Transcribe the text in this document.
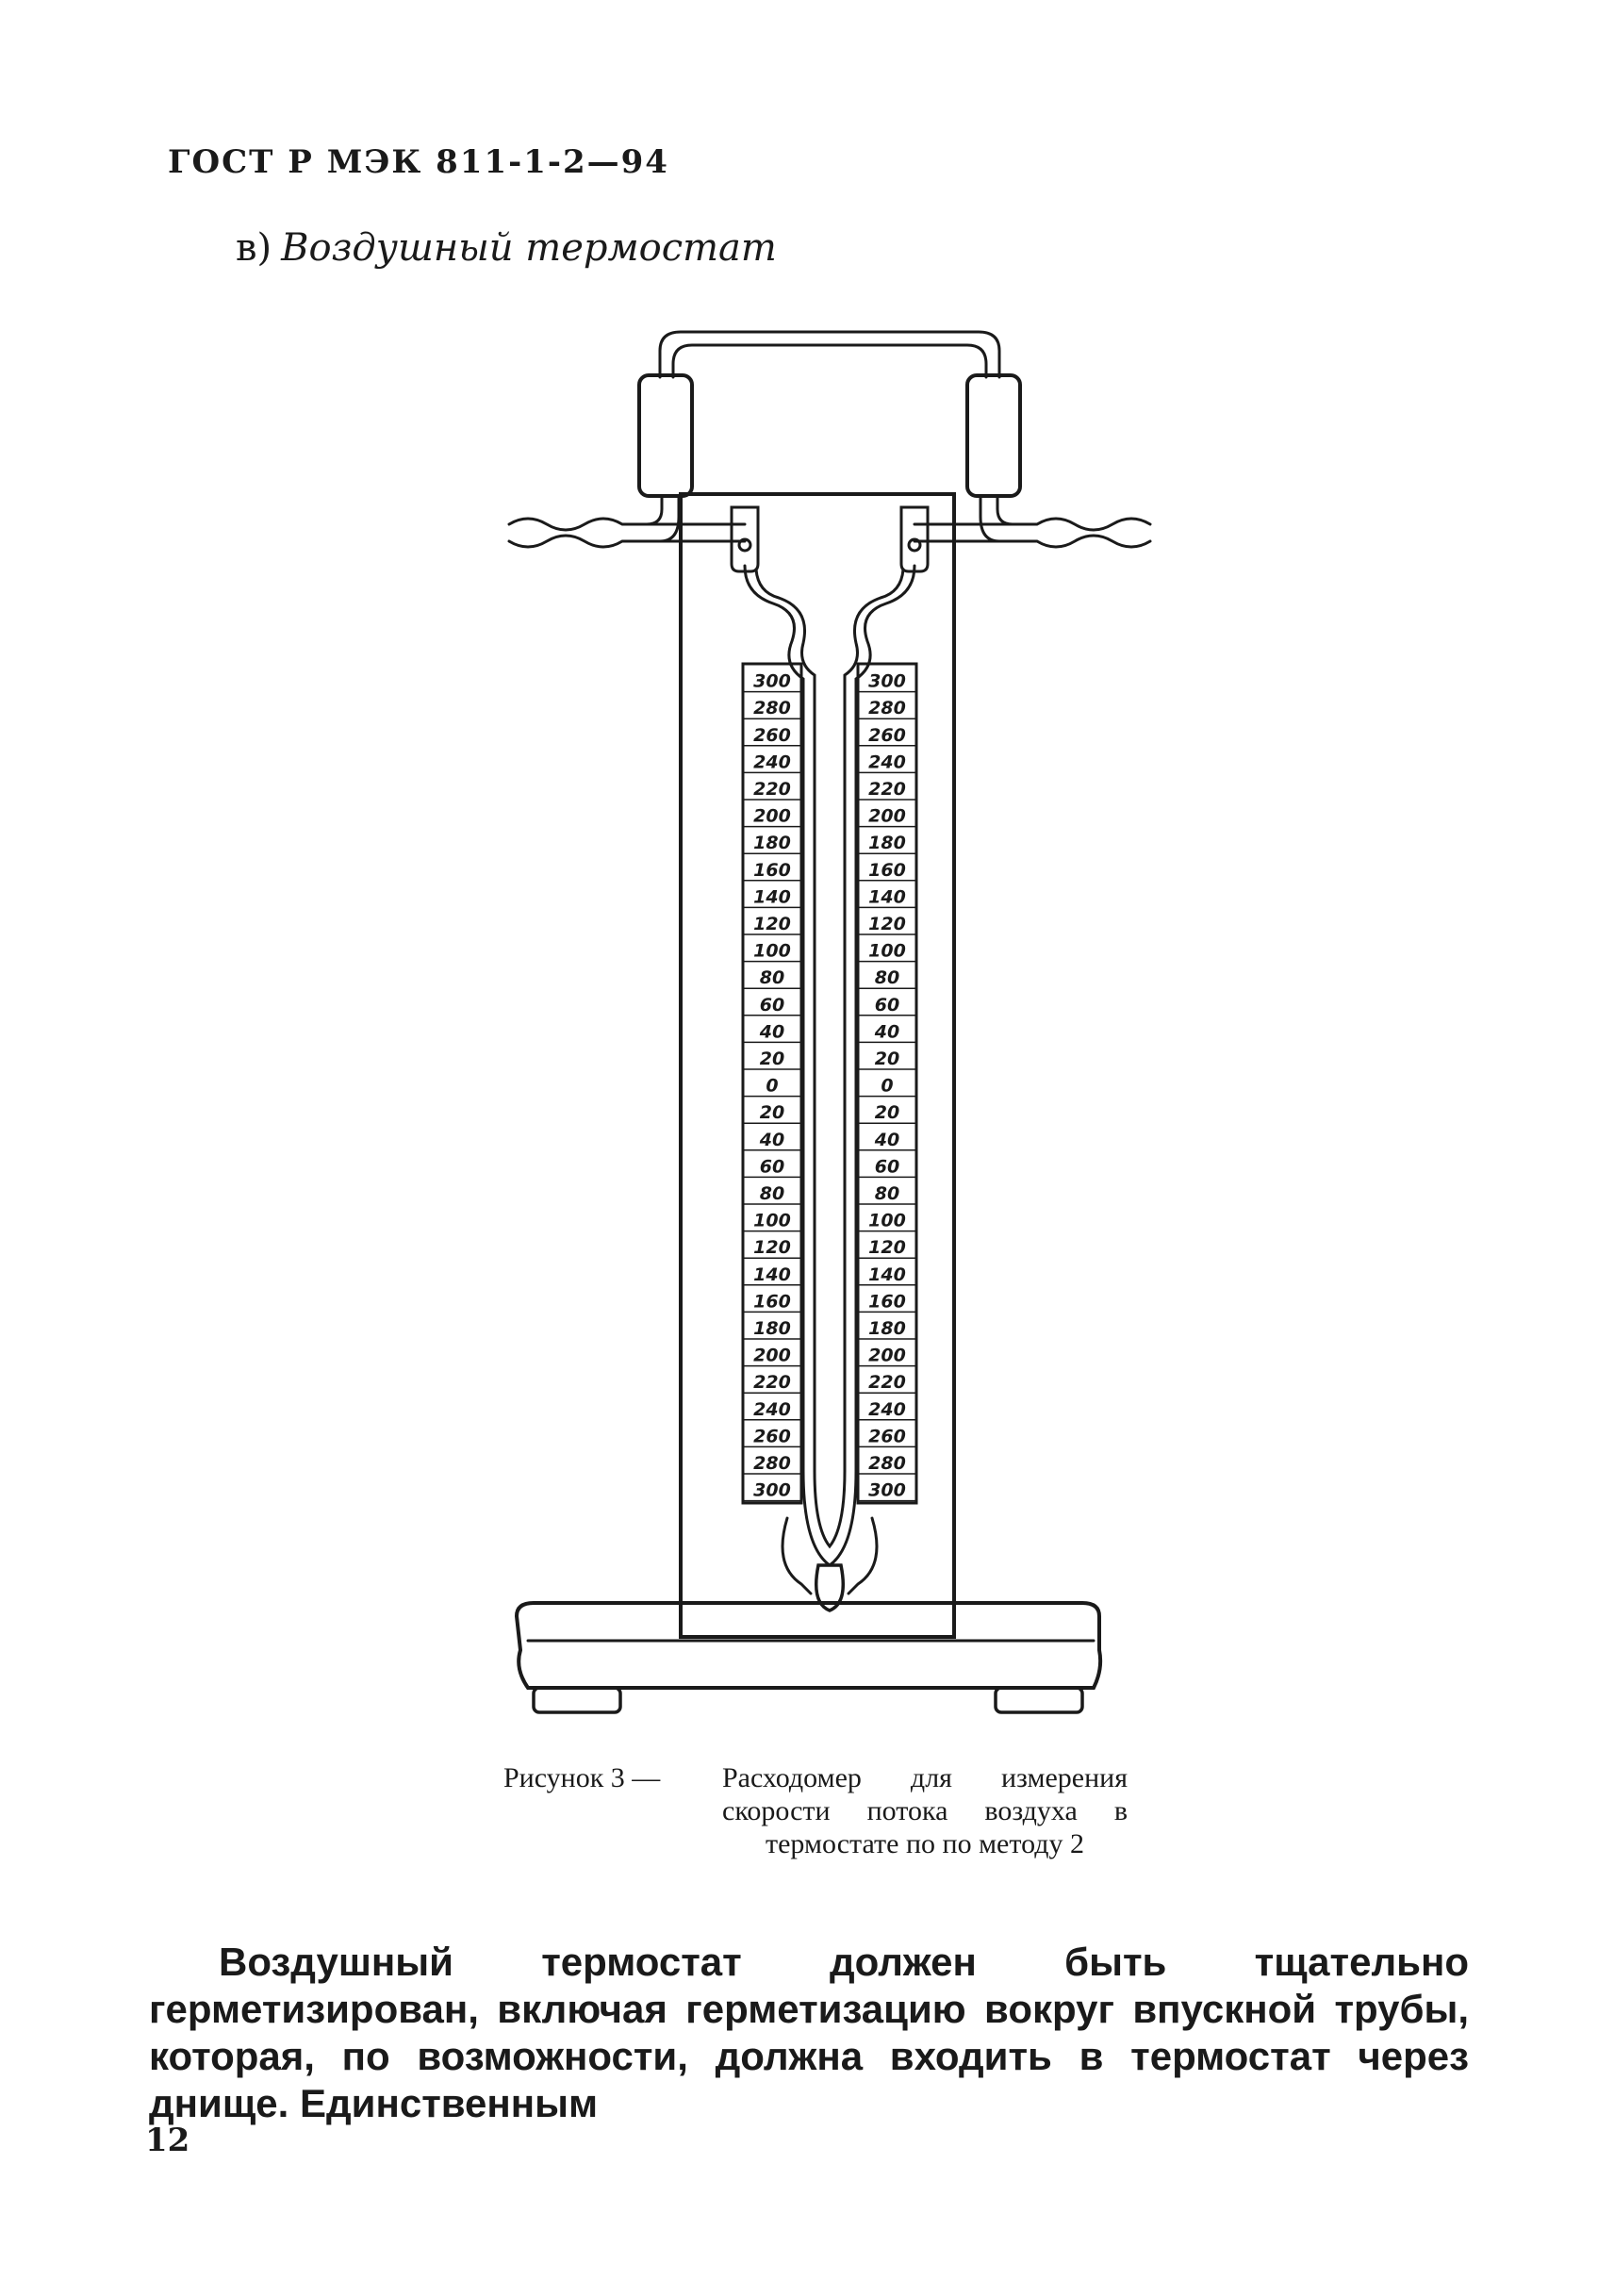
ГОСТ Р МЭК 811-1-2—94
в) Воздушный термостат
300
280
260
240
220
200
180
160
140
120
100
80
60
40
20
0
20
40
60
80
100
120
140
160
180
200
220
240
260
280
300
300
280
260
240
220
200
180
160
140
120
100
80
60
40
20
0
20
40
60
80
100
120
140
160
180
200
220
240
260
280
300
Рисунок 3 — Расходомер для измерения скорости потока воздуха в термостате по по методу 2

Воздушный термостат должен быть тщательно герметизирован, включая герметизацию вокруг впускной трубы, которая, по возможности, должна входить в термостат через днище. Единственным

12
